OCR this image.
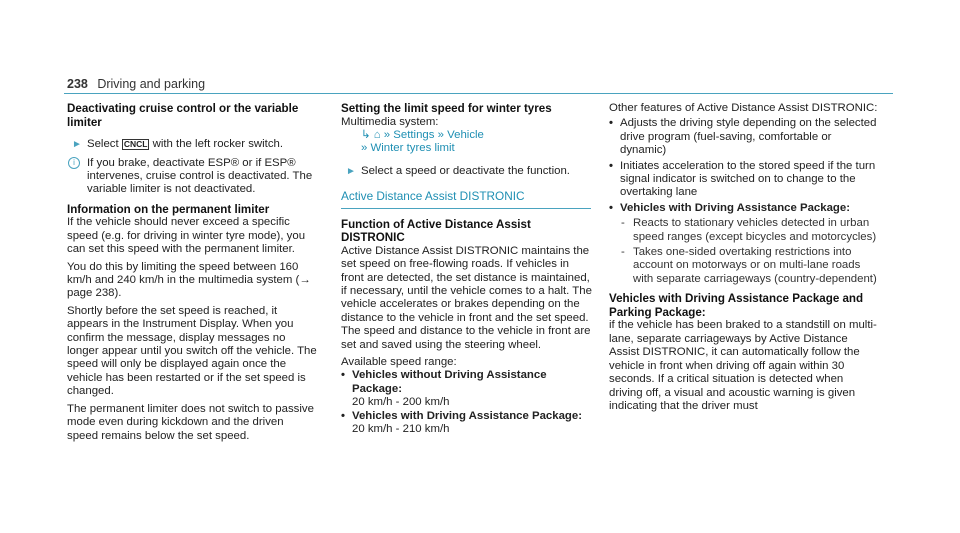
238 Driving and parking
Deactivating cruise control or the variable limiter
► Select CNCL with the left rocker switch.
i	If you brake, deactivate ESP® or if ESP® intervenes, cruise control is deactivated. The variable limiter is not deactivated.
Information on the permanent limiter

If the vehicle should never exceed a specific speed (e.g. for driving in winter tyre mode), you can set this speed with the permanent limiter.

You do this by limiting the speed between 160 km/h and 240 km/h in the multimedia system (→ page 238).

Shortly before the set speed is reached, it appears in the Instrument Display. When you confirm the message, display messages no longer appear until you switch off the vehicle. The speed will only be displayed again once the vehicle has been restarted or if the set speed is changed.

The permanent limiter does not switch to passive mode even during kickdown and the driven speed remains below the set speed.

Setting the limit speed for winter tyres

Multimedia system:

↳ ⌂ » Settings » Vehicle
» Winter tyres limit
► Select a speed or deactivate the function.

Active Distance Assist DISTRONIC

Function of Active Distance Assist DISTRONIC

Active Distance Assist DISTRONIC maintains the set speed on free-flowing roads. If vehicles in front are detected, the set distance is maintained, if necessary, until the vehicle comes to a halt. The vehicle accelerates or brakes depending on the distance to the vehicle in front and the set speed. The speed and distance to the vehicle in front are set and saved using the steering wheel.

Available speed range:

• Vehicles without Driving Assistance Package:
20 km/h - 200 km/h
• Vehicles with Driving Assistance Package:
20 km/h - 210 km/h

Other features of Active Distance Assist DISTRONIC:

• Adjusts the driving style depending on the selected drive program (fuel-saving, comfortable or dynamic)
• Initiates acceleration to the stored speed if the turn signal indicator is switched on to change to the overtaking lane
• Vehicles with Driving Assistance Package:
- Reacts to stationary vehicles detected in urban speed ranges (except bicycles and motorcycles)
- Takes one-sided overtaking restrictions into account on motorways or on multi-lane roads with separate carriageways (country-dependent)
Vehicles with Driving Assistance Package and Parking Package:

if the vehicle has been braked to a standstill on multi-lane, separate carriageways by Active Distance Assist DISTRONIC, it can automatically follow the vehicle in front when driving off again within 30 seconds. If a critical situation is detected when driving off, a visual and acoustic warning is given indicating that the driver must
